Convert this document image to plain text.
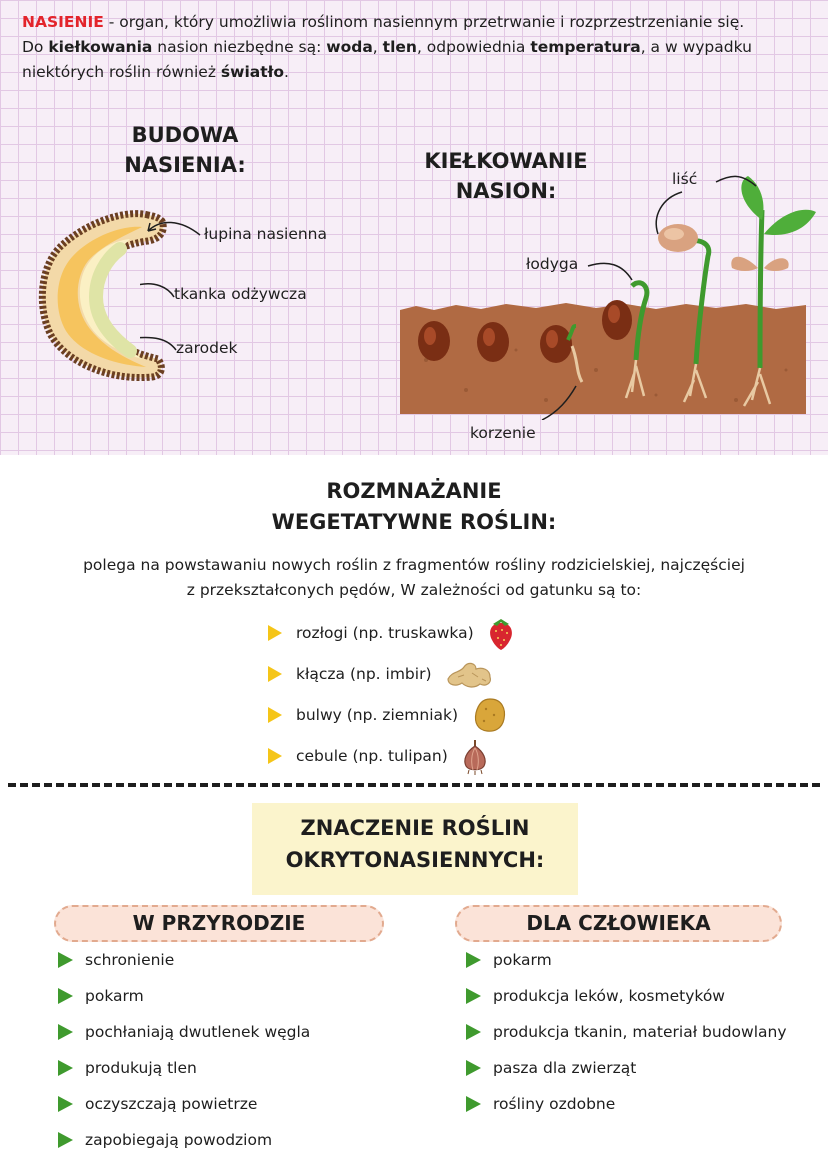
NASIENIE - organ, który umożliwia roślinom nasiennym przetrwanie i rozprzestrzenianie się.
Do kiełkowania nasion niezbędne są: woda, tlen, odpowiednia temperatura, a w wypadku niektórych roślin również światło.
BUDOWA
NASIENIA:
łupina nasienna
tkanka odżywcza
zarodek
KIEŁKOWANIE
NASION:	liść
łodyga
korzenie
ROZMNAŻANIE
WEGETATYWNE ROŚLIN:
polega na powstawaniu nowych roślin z fragmentów rośliny rodzicielskiej, najczęściej
z przekształconych pędów, W zależności od gatunku są to:
rozłogi (np. truskawka)
kłącza (np. imbir)
bulwy (np. ziemniak)
cebule (np. tulipan)
ZNACZENIE ROŚLIN
OKRYTONASIENNYCH:
W PRZYRODZIE	DLA CZŁOWIEKA
schronienie
pokarm
pochłaniają dwutlenek węgla
produkują tlen
oczyszczają powietrze
zapobiegają powodziom
pokarm
produkcja leków, kosmetyków
produkcja tkanin, materiał budowlany
pasza dla zwierząt
rośliny ozdobne
